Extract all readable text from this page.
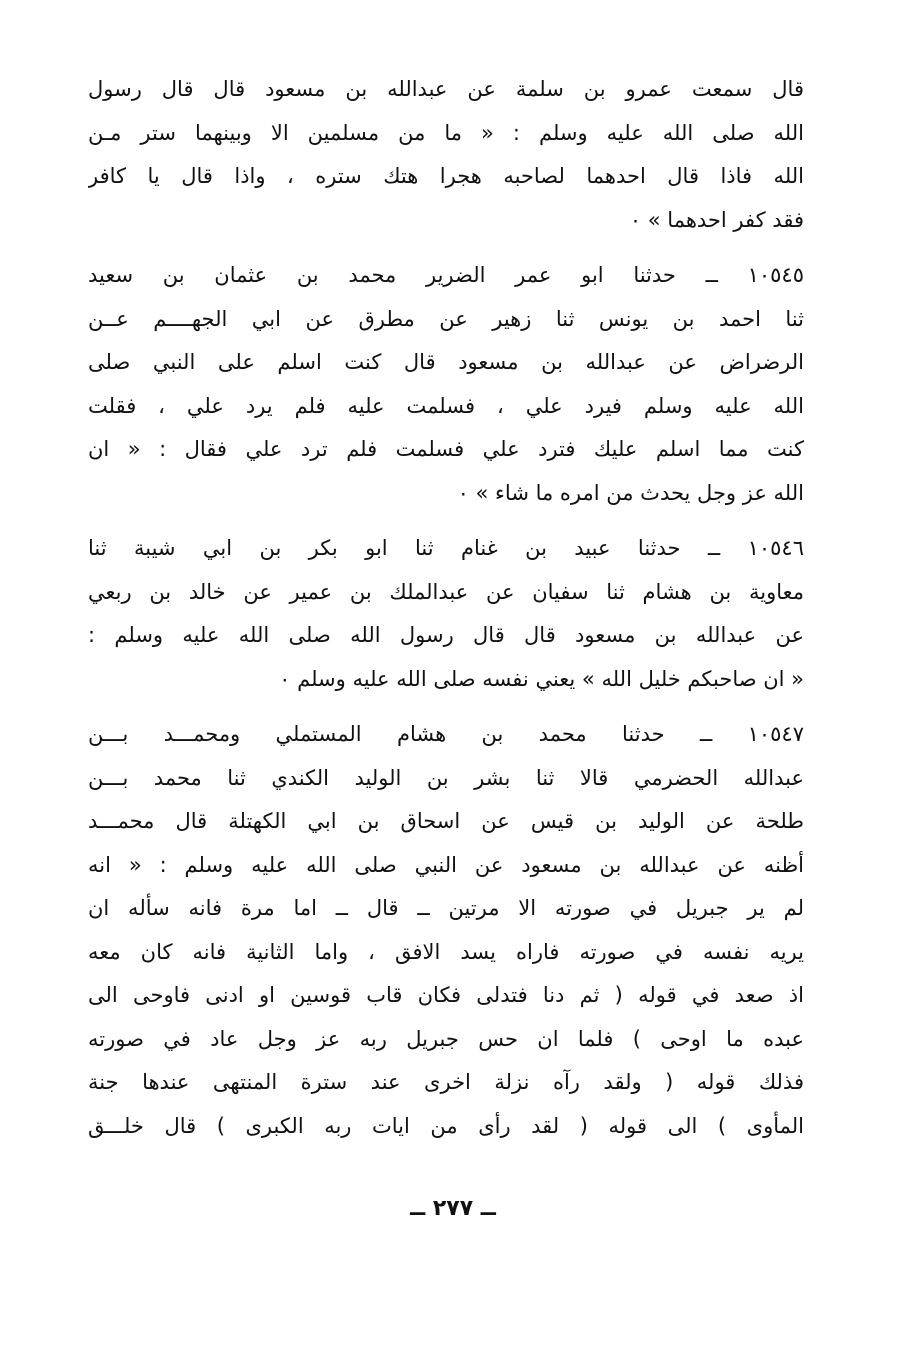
قال سمعت عمرو بن سلمة عن عبدالله بن مسعود قال قال رسول
الله صلى الله عليه وسلم : « ما من مسلمين الا وبينهما ستر مـن
الله فاذا قال احدهما لصاحبه هجرا هتك ستره ، واذا قال يا كافر
فقد كفر احدهما » ٠
١٠٥٤٥ ــ حدثنا ابو عمر الضرير محمد بن عثمان بن سعيد
ثنا احمد بن يونس ثنا زهير عن مطرق عن ابي الجهــــم عــن
الرضراض عن عبدالله بن مسعود قال كنت اسلم على النبي صلى
الله عليه وسلم فيرد علي ، فسلمت عليه فلم يرد علي ، فقلت
كنت مما اسلم عليك فترد علي فسلمت فلم ترد علي فقال : « ان
الله عز وجل يحدث من امره ما شاء » ٠
١٠٥٤٦ ــ حدثنا عبيد بن غنام ثنا ابو بكر بن ابي شيبة ثنا
معاوية بن هشام ثنا سفيان عن عبدالملك بن عمير عن خالد بن ربعي
عن عبدالله بن مسعود قال قال رسول الله صلى الله عليه وسلم :
« ان صاحبكم خليل الله » يعني نفسه صلى الله عليه وسلم ٠
١٠٥٤٧ ــ حدثنا محمد بن هشام المستملي ومحمـــد بـــن
عبدالله الحضرمي قالا ثنا بشر بن الوليد الكندي ثنا محمد بـــن
طلحة عن الوليد بن قيس عن اسحاق بن ابي الكهتلة قال محمـــد
أظنه عن عبدالله بن مسعود عن النبي صلى الله عليه وسلم : « انه
لم ير جبريل في صورته الا مرتين ــ قال ــ اما مرة فانه سأله ان
يريه نفسه في صورته فاراه يسد الافق ، واما الثانية فانه كان معه
اذ صعد في قوله ( ثم دنا فتدلى فكان قاب قوسين او ادنى فاوحى الى
عبده ما اوحى ) فلما ان حس جبريل ربه عز وجل عاد في صورته
فذلك قوله ( ولقد رآه نزلة اخرى عند سترة المنتهى عندها جنة
المأوى ) الى قوله ( لقد رأى من ايات ربه الكبرى ) قال خلـــق
ــ ٢٧٧ ــ
